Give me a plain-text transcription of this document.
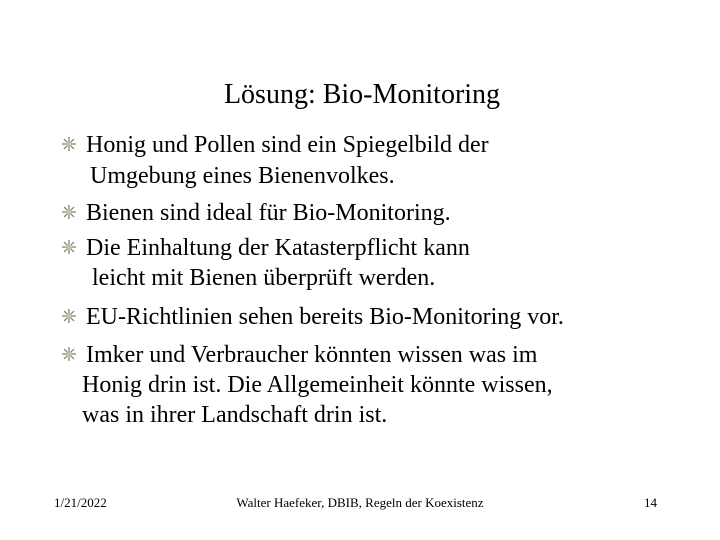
Lösung: Bio-Monitoring
Honig und Pollen sind ein Spiegelbild der
Umgebung eines Bienenvolkes.
Bienen sind ideal für Bio-Monitoring.
Die Einhaltung der Katasterpflicht kann
leicht mit Bienen überprüft werden.
EU-Richtlinien sehen bereits Bio-Monitoring vor.
Imker und Verbraucher könnten wissen was im
Honig drin ist. Die Allgemeinheit könnte wissen,
was in ihrer Landschaft drin ist.
1/21/2022	Walter Haefeker, DBIB, Regeln der Koexistenz	14
